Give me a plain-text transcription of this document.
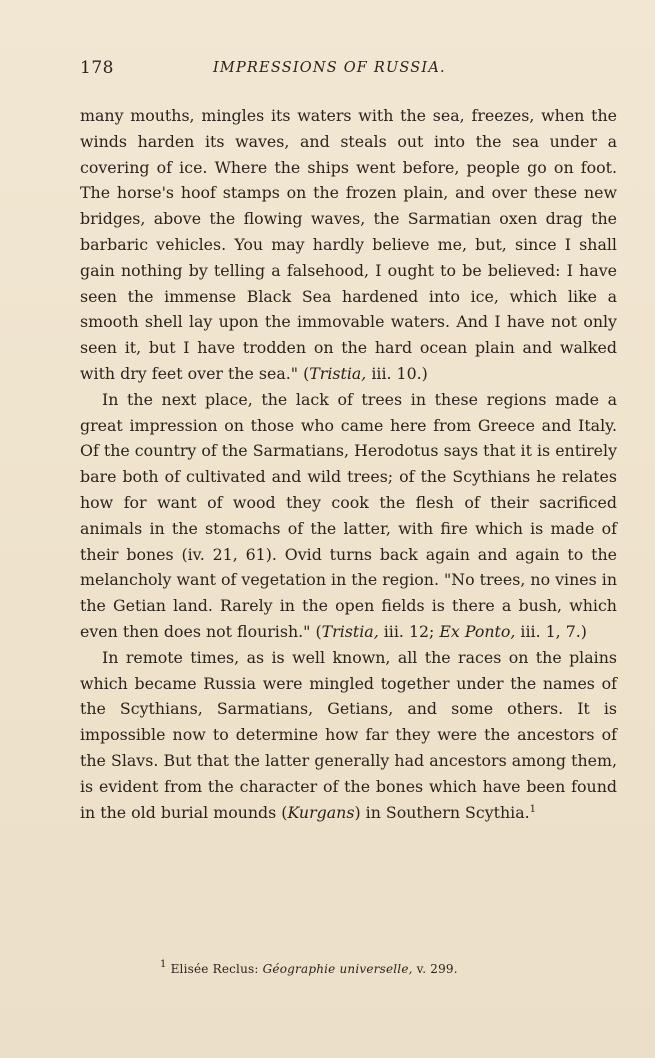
178	IMPRESSIONS OF RUSSIA.

many mouths, mingles its waters with the sea, freezes, when the winds harden its waves, and steals out into the sea under a covering of ice. Where the ships went before, people go on foot. The horse's hoof stamps on the frozen plain, and over these new bridges, above the flowing waves, the Sarmatian oxen drag the barbaric vehicles. You may hardly believe me, but, since I shall gain nothing by telling a falsehood, I ought to be believed: I have seen the immense Black Sea hardened into ice, which like a smooth shell lay upon the immovable waters. And I have not only seen it, but I have trodden on the hard ocean plain and walked with dry feet over the sea." (Tristia, iii. 10.)

In the next place, the lack of trees in these regions made a great impression on those who came here from Greece and Italy. Of the country of the Sarmatians, Herodotus says that it is entirely bare both of cultivated and wild trees; of the Scythians he relates how for want of wood they cook the flesh of their sacrificed animals in the stomachs of the latter, with fire which is made of their bones (iv. 21, 61). Ovid turns back again and again to the melancholy want of vegetation in the region. "No trees, no vines in the Getian land. Rarely in the open fields is there a bush, which even then does not flourish." (Tristia, iii. 12; Ex Ponto, iii. 1, 7.)

In remote times, as is well known, all the races on the plains which became Russia were mingled together under the names of the Scythians, Sarmatians, Getians, and some others. It is impossible now to determine how far they were the ancestors of the Slavs. But that the latter generally had ancestors among them, is evident from the character of the bones which have been found in the old burial mounds (Kurgans) in Southern Scythia.$^1$

$^1$ Elisée Reclus: Géographie universelle, v. 299.
